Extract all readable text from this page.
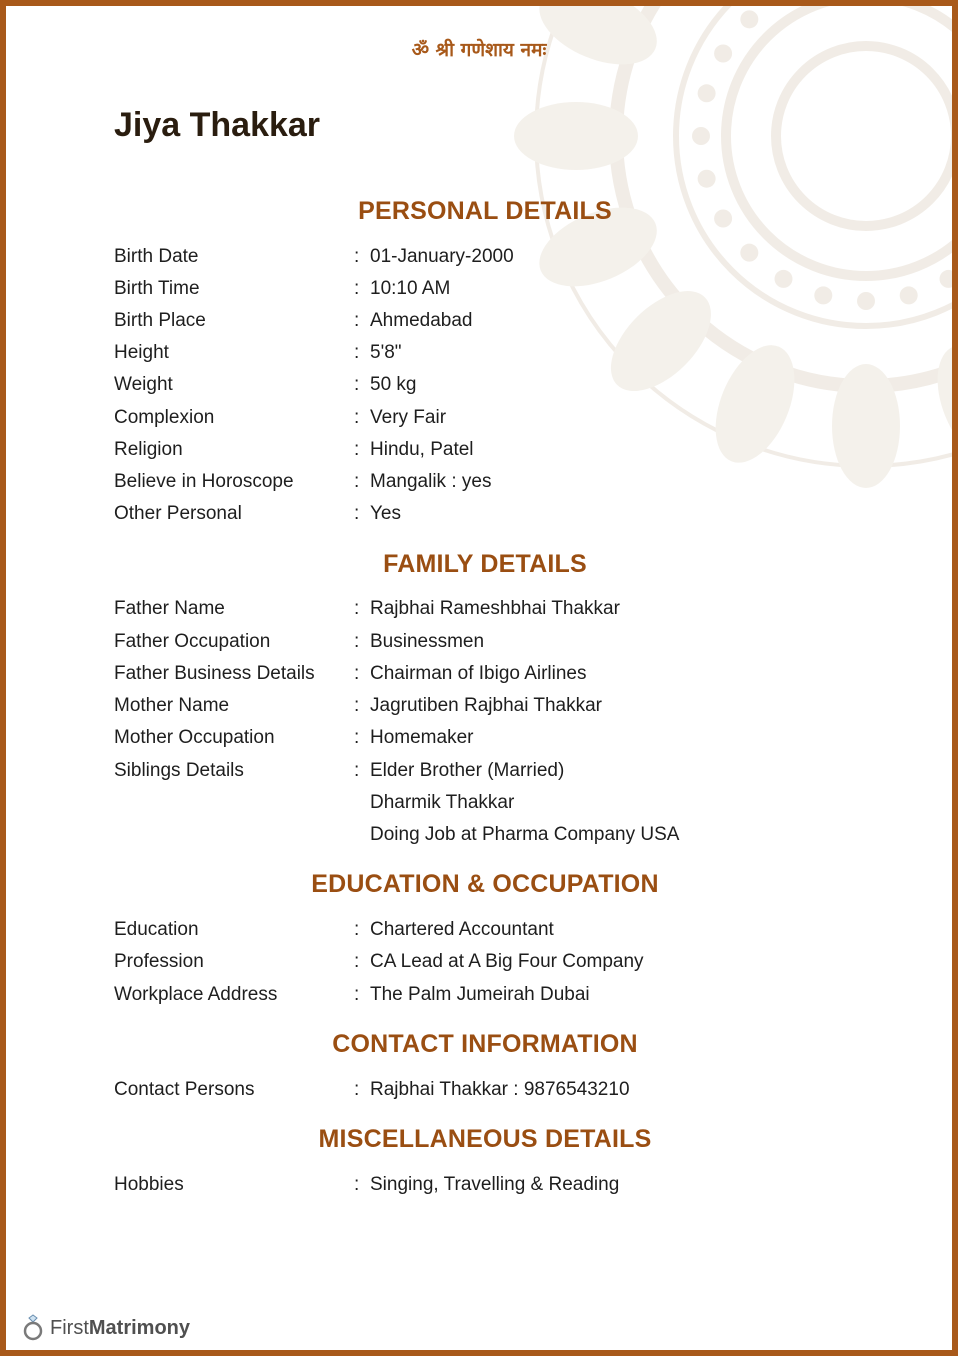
ॐ श्री गणेशाय नमः
Jiya Thakkar
PERSONAL DETAILS
Birth Date	: 01-January-2000
Birth Time	: 10:10 AM
Birth Place	: Ahmedabad
Height	: 5'8"
Weight	: 50 kg
Complexion	: Very Fair
Religion	: Hindu, Patel
Believe in Horoscope	: Mangalik : yes
Other Personal	: Yes
FAMILY DETAILS
Father Name	: Rajbhai Rameshbhai Thakkar
Father Occupation	: Businessmen
Father Business Details : Chairman of Ibigo Airlines
Mother Name	: Jagrutiben Rajbhai Thakkar
Mother Occupation	: Homemaker
Siblings Details	: Elder Brother (Married)
Dharmik Thakkar
Doing Job at Pharma Company USA
EDUCATION & OCCUPATION
Education	: Chartered Accountant
Profession	: CA Lead at A Big Four Company
Workplace Address	: The Palm Jumeirah Dubai
CONTACT INFORMATION
Contact Persons	: Rajbhai Thakkar : 9876543210
MISCELLANEOUS DETAILS
Hobbies	: Singing, Travelling & Reading
First Matrimony
